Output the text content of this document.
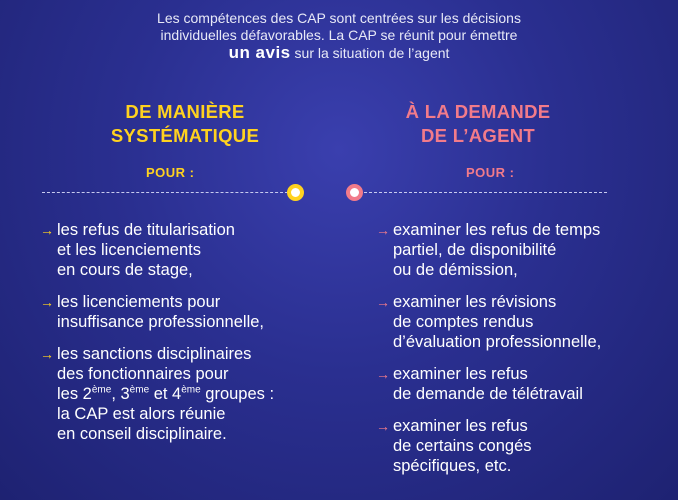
Les compétences des CAP sont centrées sur les décisions
individuelles défavorables. La CAP se réunit pour émettre
un avis sur la situation de l’agent
DE MANIÈRE
SYSTÉMATIQUE
À LA DEMANDE
DE L’AGENT
POUR :	POUR :
→ les refus de titularisation
et les licenciements
en cours de stage,
→ les licenciements pour
insuffisance professionnelle,
→ les sanctions disciplinaires
des fonctionnaires pour
les 2ème, 3ème et 4ème groupes :
la CAP est alors réunie
en conseil disciplinaire.
→ examiner les refus de temps
partiel, de disponibilité
ou de démission,
→ examiner les révisions
de comptes rendus
d’évaluation professionnelle,
→ examiner les refus
de demande de télétravail
→ examiner les refus
de certains congés
spécifiques, etc.
